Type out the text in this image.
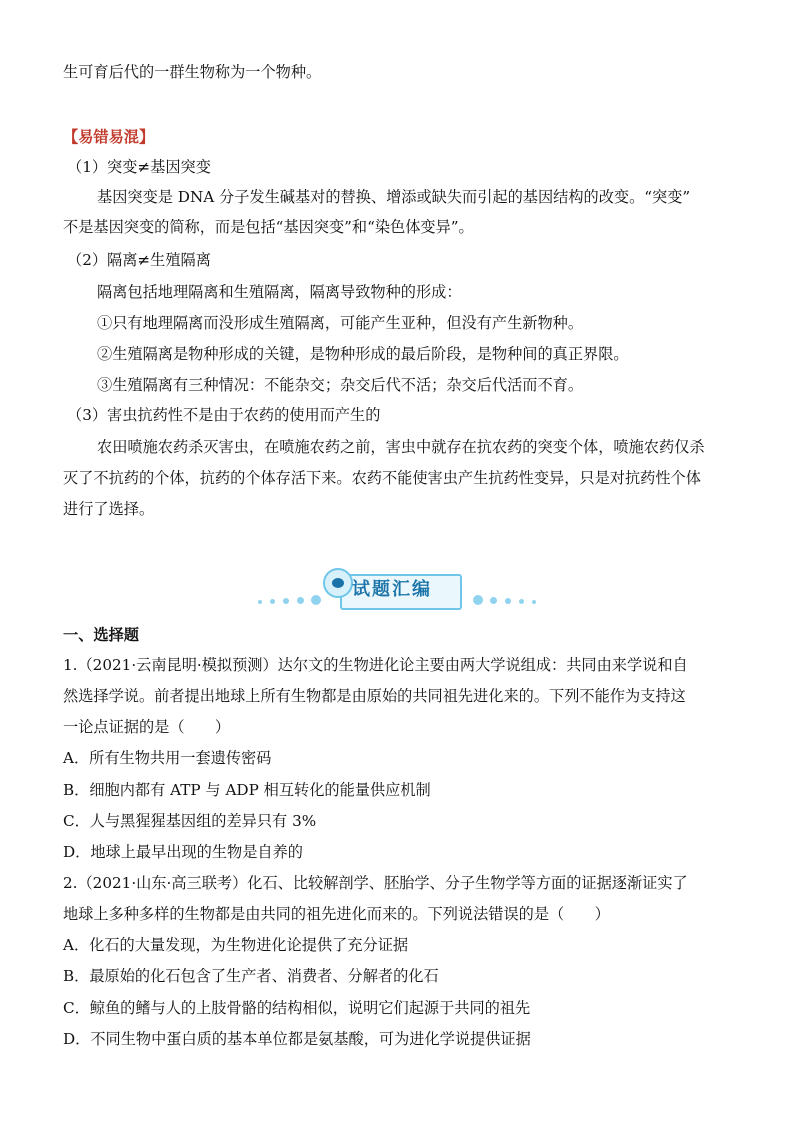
生可育后代的一群生物称为一个物种。
【易错易混】
（1）突变≠基因突变
基因突变是 DNA 分子发生碱基对的替换、增添或缺失而引起的基因结构的改变。“突变”
不是基因突变的简称，而是包括“基因突变”和“染色体变异”。
（2）隔离≠生殖隔离
隔离包括地理隔离和生殖隔离，隔离导致物种的形成：
①只有地理隔离而没形成生殖隔离，可能产生亚种，但没有产生新物种。
②生殖隔离是物种形成的关键，是物种形成的最后阶段，是物种间的真正界限。
③生殖隔离有三种情况：不能杂交；杂交后代不活；杂交后代活而不育。
（3）害虫抗药性不是由于农药的使用而产生的
农田喷施农药杀灭害虫，在喷施农药之前，害虫中就存在抗农药的突变个体，喷施农药仅杀
灭了不抗药的个体，抗药的个体存活下来。农药不能使害虫产生抗药性变异，只是对抗药性个体
进行了选择。
试题汇编
一、选择题
1.（2021·云南昆明·模拟预测）达尔文的生物进化论主要由两大学说组成：共同由来学说和自
然选择学说。前者提出地球上所有生物都是由原始的共同祖先进化来的。下列不能作为支持这
一论点证据的是（　　）
A．所有生物共用一套遗传密码
B．细胞内都有 ATP 与 ADP 相互转化的能量供应机制
C．人与黑猩猩基因组的差异只有 3%
D．地球上最早出现的生物是自养的
2.（2021·山东·高三联考）化石、比较解剖学、胚胎学、分子生物学等方面的证据逐渐证实了
地球上多种多样的生物都是由共同的祖先进化而来的。下列说法错误的是（　　）
A．化石的大量发现，为生物进化论提供了充分证据
B．最原始的化石包含了生产者、消费者、分解者的化石
C．鲸鱼的鳍与人的上肢骨骼的结构相似，说明它们起源于共同的祖先
D．不同生物中蛋白质的基本单位都是氨基酸，可为进化学说提供证据
